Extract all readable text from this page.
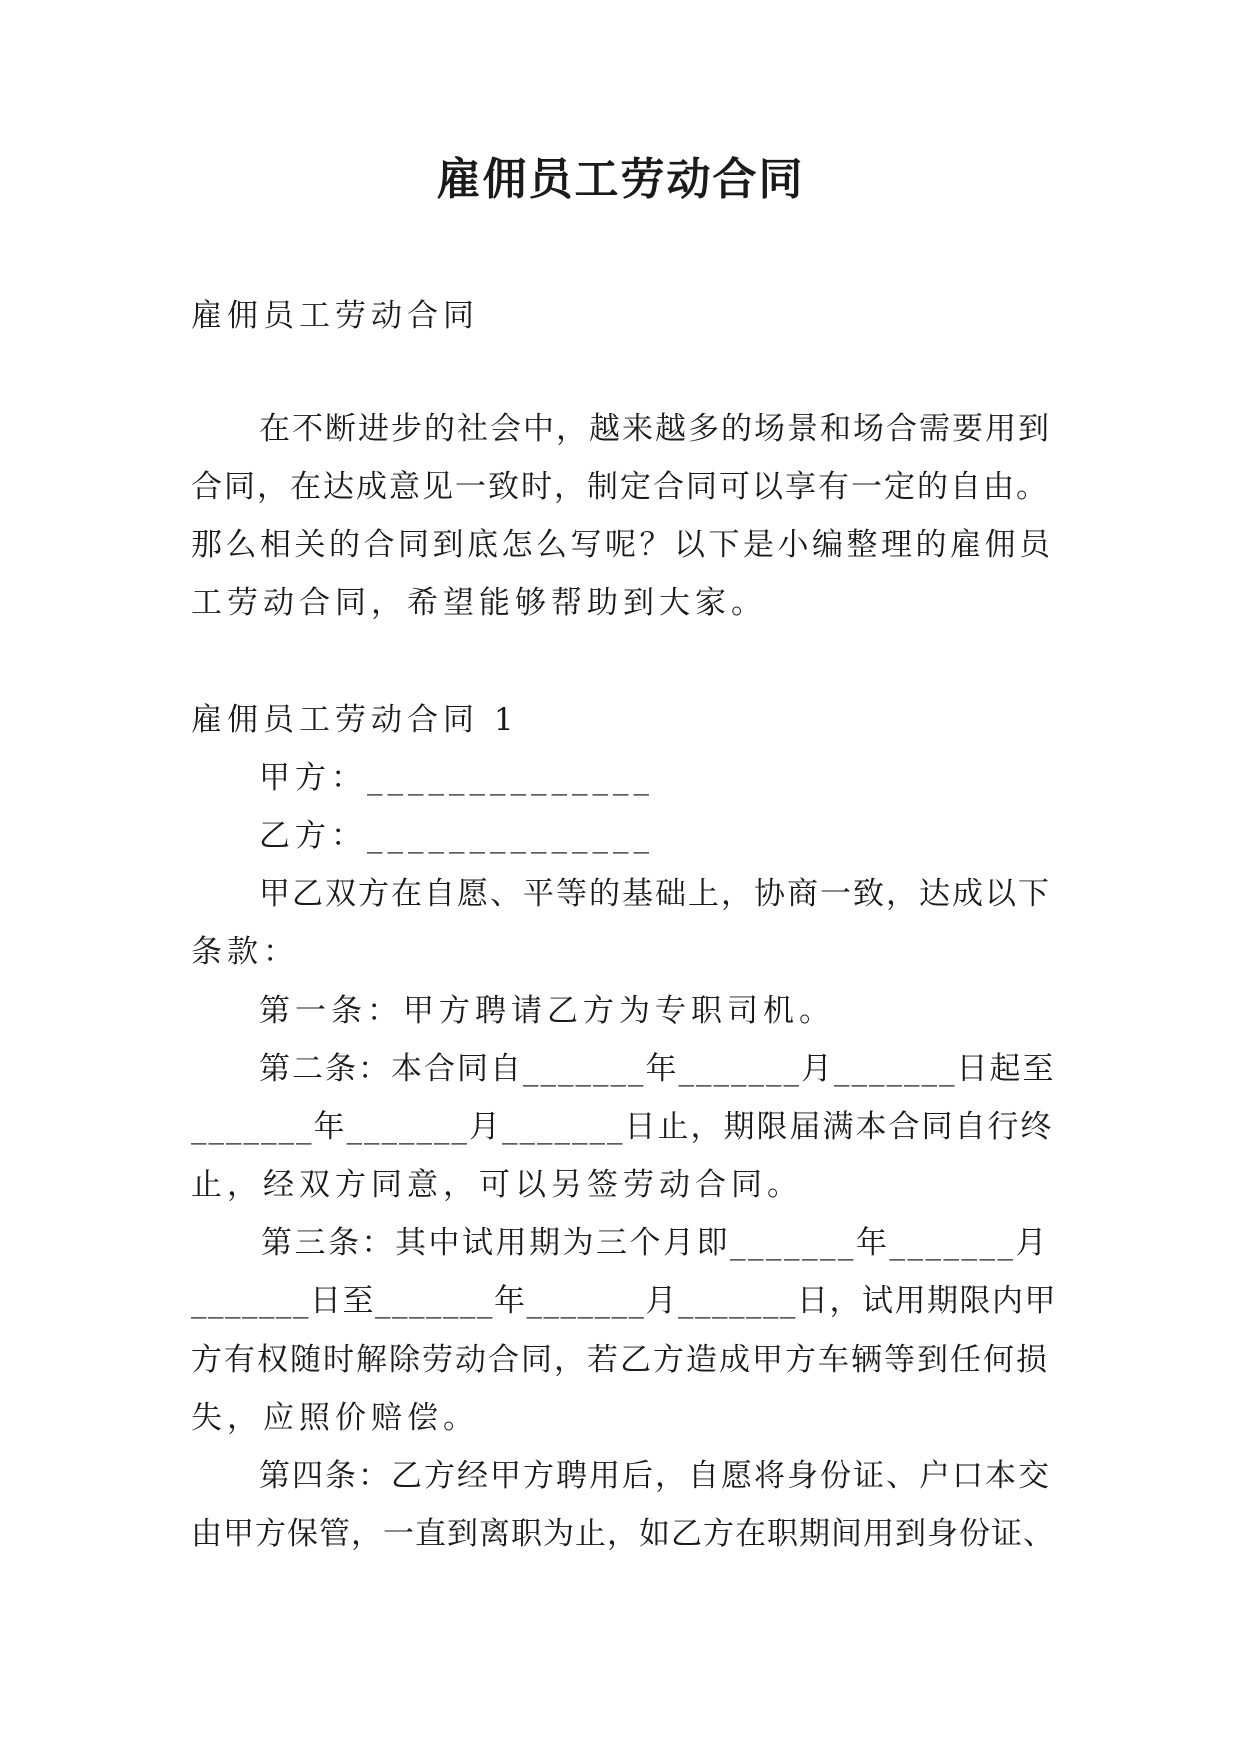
雇佣员工劳动合同
雇佣员工劳动合同
在不断进步的社会中，越来越多的场景和场合需要用到
合同，在达成意见一致时，制定合同可以享有一定的自由。
那么相关的合同到底怎么写呢？以下是小编整理的雇佣员
工劳动合同，希望能够帮助到大家。
雇佣员工劳动合同 1
甲方：______________
乙方：______________
甲乙双方在自愿、平等的基础上，协商一致，达成以下
条款：
第一条：甲方聘请乙方为专职司机。
第二条：本合同自_______年_______月_______日起至
_______年_______月_______日止，期限届满本合同自行终
止，经双方同意，可以另签劳动合同。
第三条：其中试用期为三个月即_______年_______月
_______日至_______年_______月_______日，试用期限内甲
方有权随时解除劳动合同，若乙方造成甲方车辆等到任何损
失，应照价赔偿。
第四条：乙方经甲方聘用后，自愿将身份证、户口本交
由甲方保管，一直到离职为止，如乙方在职期间用到身份证、
